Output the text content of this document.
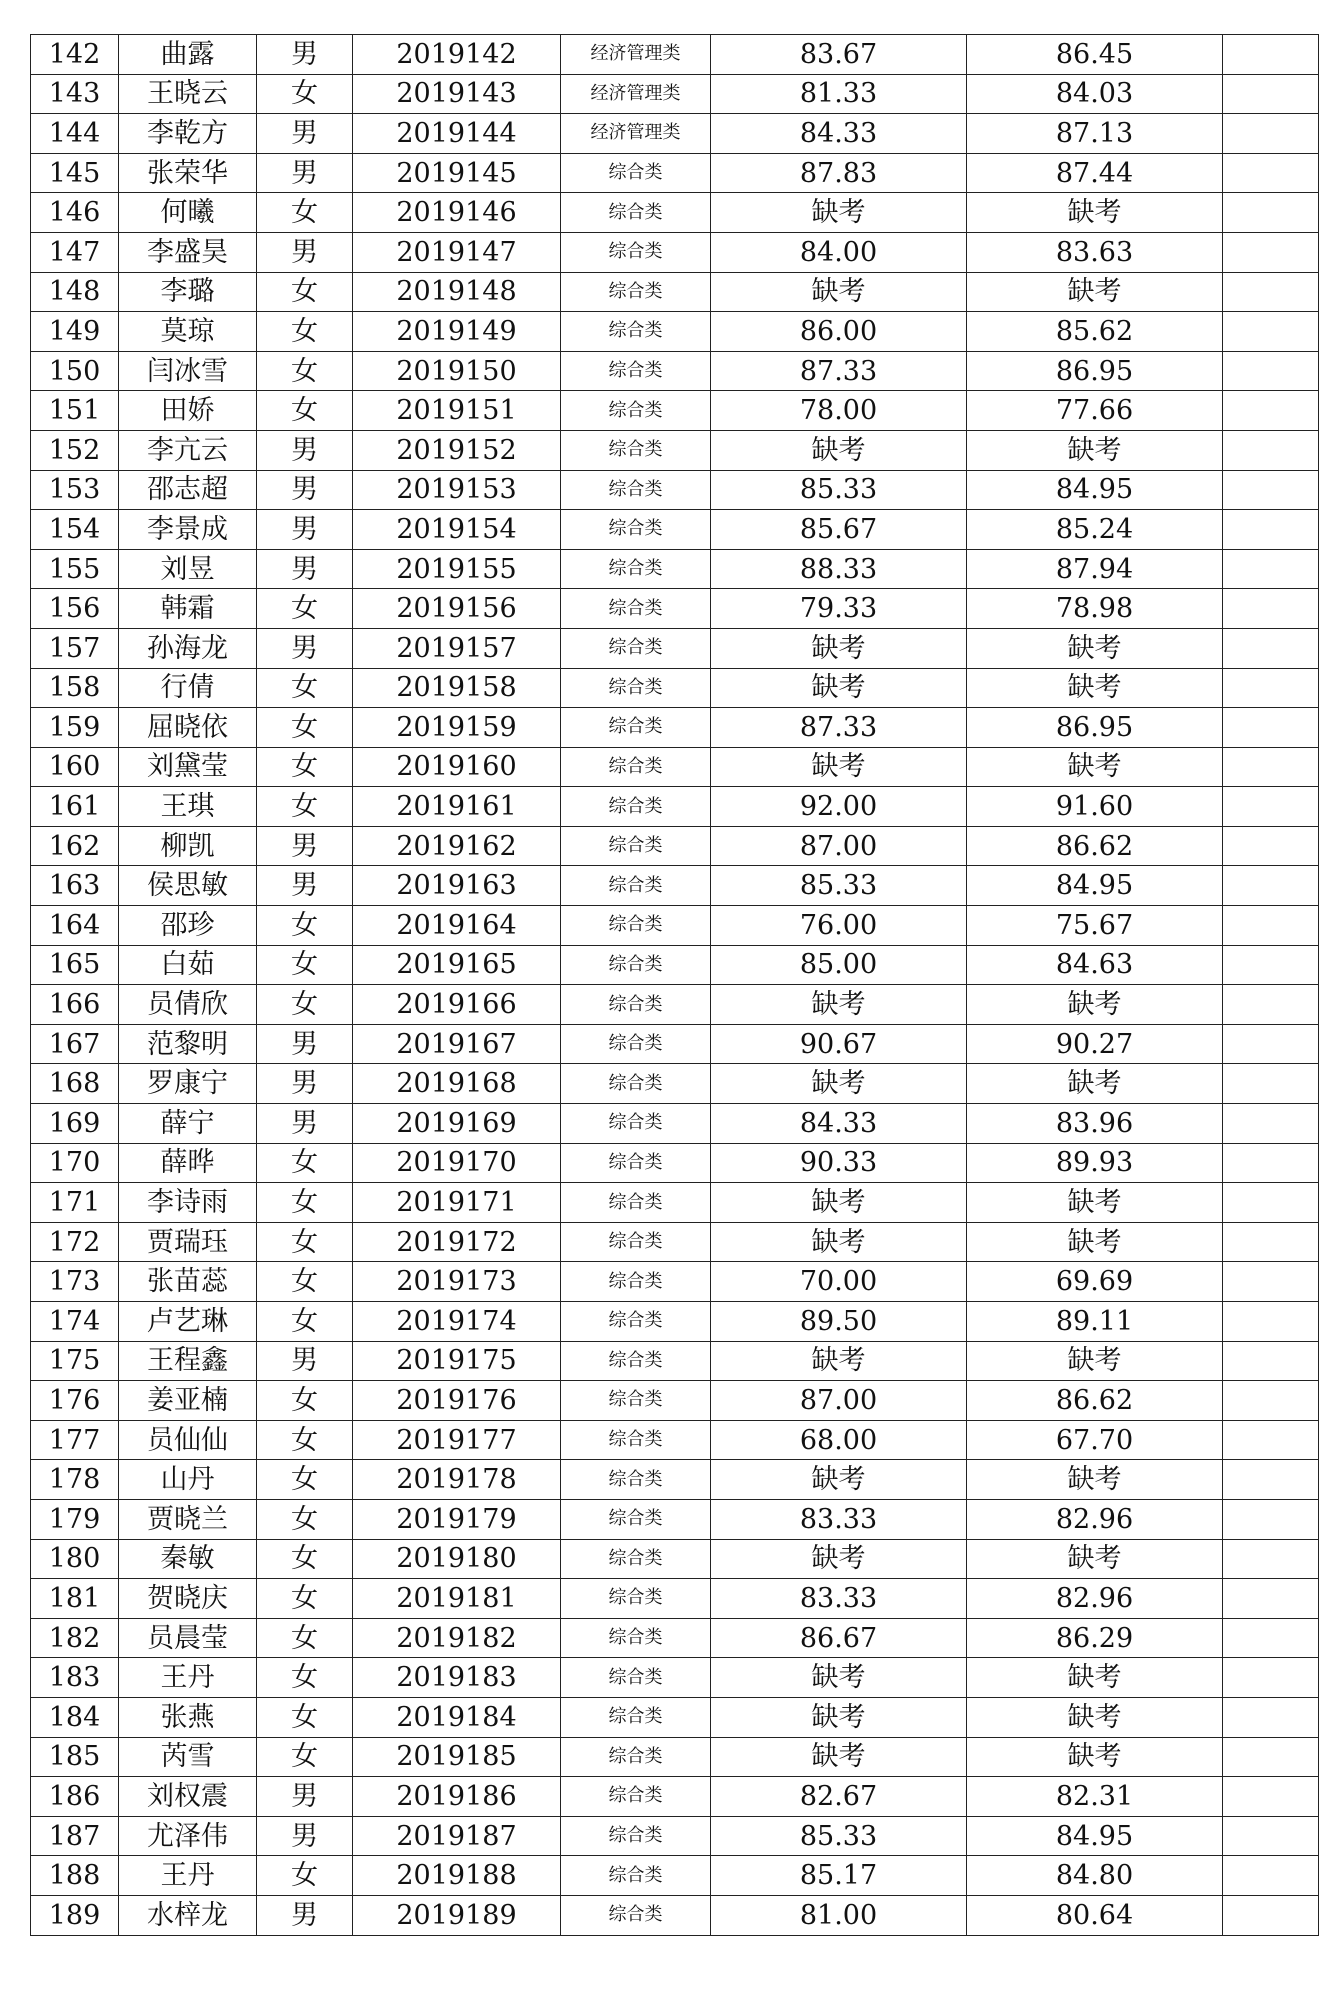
142	曲露	男	2019142	经济管理类	83.67	86.45	
143	王晓云	女	2019143	经济管理类	81.33	84.03	
144	李乾方	男	2019144	经济管理类	84.33	87.13	
145	张荣华	男	2019145	综合类	87.83	87.44	
146	何曦	女	2019146	综合类	缺考	缺考	
147	李盛昊	男	2019147	综合类	84.00	83.63	
148	李璐	女	2019148	综合类	缺考	缺考	
149	莫琼	女	2019149	综合类	86.00	85.62	
150	闫冰雪	女	2019150	综合类	87.33	86.95	
151	田娇	女	2019151	综合类	78.00	77.66	
152	李亢云	男	2019152	综合类	缺考	缺考	
153	邵志超	男	2019153	综合类	85.33	84.95	
154	李景成	男	2019154	综合类	85.67	85.24	
155	刘昱	男	2019155	综合类	88.33	87.94	
156	韩霜	女	2019156	综合类	79.33	78.98	
157	孙海龙	男	2019157	综合类	缺考	缺考	
158	行倩	女	2019158	综合类	缺考	缺考	
159	屈晓依	女	2019159	综合类	87.33	86.95	
160	刘黛莹	女	2019160	综合类	缺考	缺考	
161	王琪	女	2019161	综合类	92.00	91.60	
162	柳凯	男	2019162	综合类	87.00	86.62	
163	侯思敏	男	2019163	综合类	85.33	84.95	
164	邵珍	女	2019164	综合类	76.00	75.67	
165	白茹	女	2019165	综合类	85.00	84.63	
166	员倩欣	女	2019166	综合类	缺考	缺考	
167	范黎明	男	2019167	综合类	90.67	90.27	
168	罗康宁	男	2019168	综合类	缺考	缺考	
169	薛宁	男	2019169	综合类	84.33	83.96	
170	薛晔	女	2019170	综合类	90.33	89.93	
171	李诗雨	女	2019171	综合类	缺考	缺考	
172	贾瑞珏	女	2019172	综合类	缺考	缺考	
173	张苗蕊	女	2019173	综合类	70.00	69.69	
174	卢艺琳	女	2019174	综合类	89.50	89.11	
175	王程鑫	男	2019175	综合类	缺考	缺考	
176	姜亚楠	女	2019176	综合类	87.00	86.62	
177	员仙仙	女	2019177	综合类	68.00	67.70	
178	山丹	女	2019178	综合类	缺考	缺考	
179	贾晓兰	女	2019179	综合类	83.33	82.96	
180	秦敏	女	2019180	综合类	缺考	缺考	
181	贺晓庆	女	2019181	综合类	83.33	82.96	
182	员晨莹	女	2019182	综合类	86.67	86.29	
183	王丹	女	2019183	综合类	缺考	缺考	
184	张燕	女	2019184	综合类	缺考	缺考	
185	芮雪	女	2019185	综合类	缺考	缺考	
186	刘权震	男	2019186	综合类	82.67	82.31	
187	尤泽伟	男	2019187	综合类	85.33	84.95	
188	王丹	女	2019188	综合类	85.17	84.80	
189	水梓龙	男	2019189	综合类	81.00	80.64	
